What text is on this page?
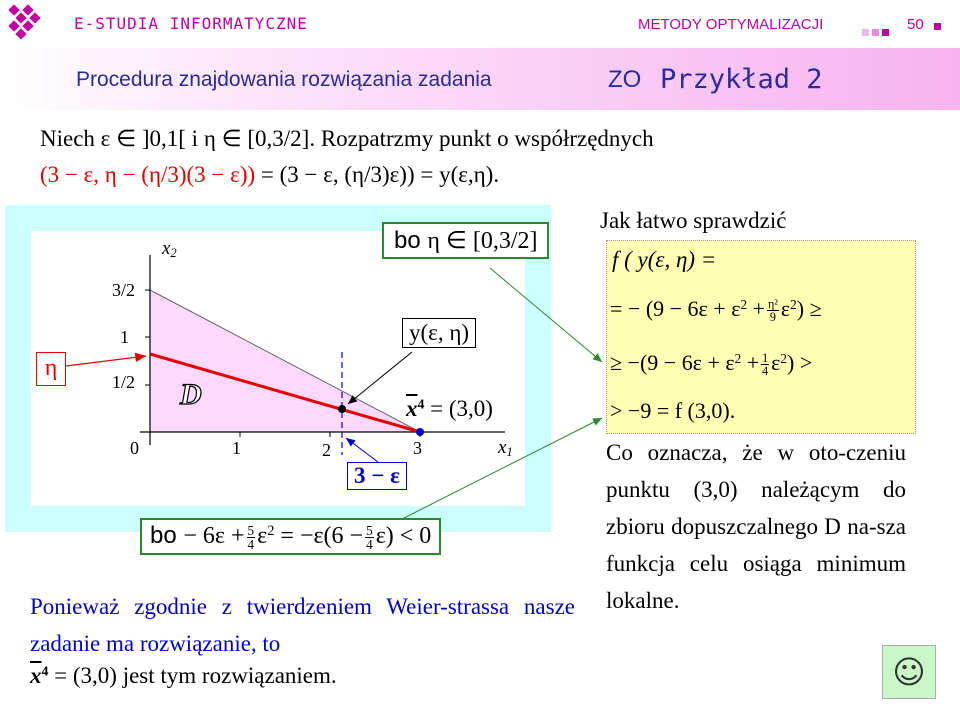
E-STUDIA INFORMATYCZNE	METODY OPTYMALIZACJI	50
Procedura znajdowania rozwiązania zadania	ZO Przykład 2
Niech ε ∈ ]0,1[ i η ∈ [0,3/2]. Rozpatrzmy punkt o współrzędnych
(3 − ε, η − (η/3)(3 − ε)) = (3 − ε, (η/3)ε)) = y(ε,η).
$x_2$
$x_1$
0	1	2	3
3/2
1
1/2 D
η
y(ε, η)
$\overline{x}^4 = (3,0)$
3 − ε
bo η ∈ [0,3/2]
bo − $6\varepsilon + \frac{5}{4} \varepsilon^2 = -\varepsilon(6 - \frac{5}{4} \varepsilon) < 0$
Jak łatwo sprawdzić
f ( y(ε, η) =
= − $(9 - 6\varepsilon + \varepsilon^2 + \frac{\text{η²}}{9} \varepsilon^2)$ ≥
≥ $-(9 - 6\varepsilon + \varepsilon^2 + \frac{1}{4} \varepsilon^2)$ >
> −9 = f (3,0).
Co oznacza, że w oto-czeniu punktu (3,0) należącym do zbioru dopuszczalnego D na-sza funkcja celu osiąga minimum lokalne.
Ponieważ zgodnie z twierdzeniem Weier-strassa nasze zadanie ma rozwiązanie, to
$\overline{x}^4 = (3,0)$ jest tym rozwiązaniem.	☺
